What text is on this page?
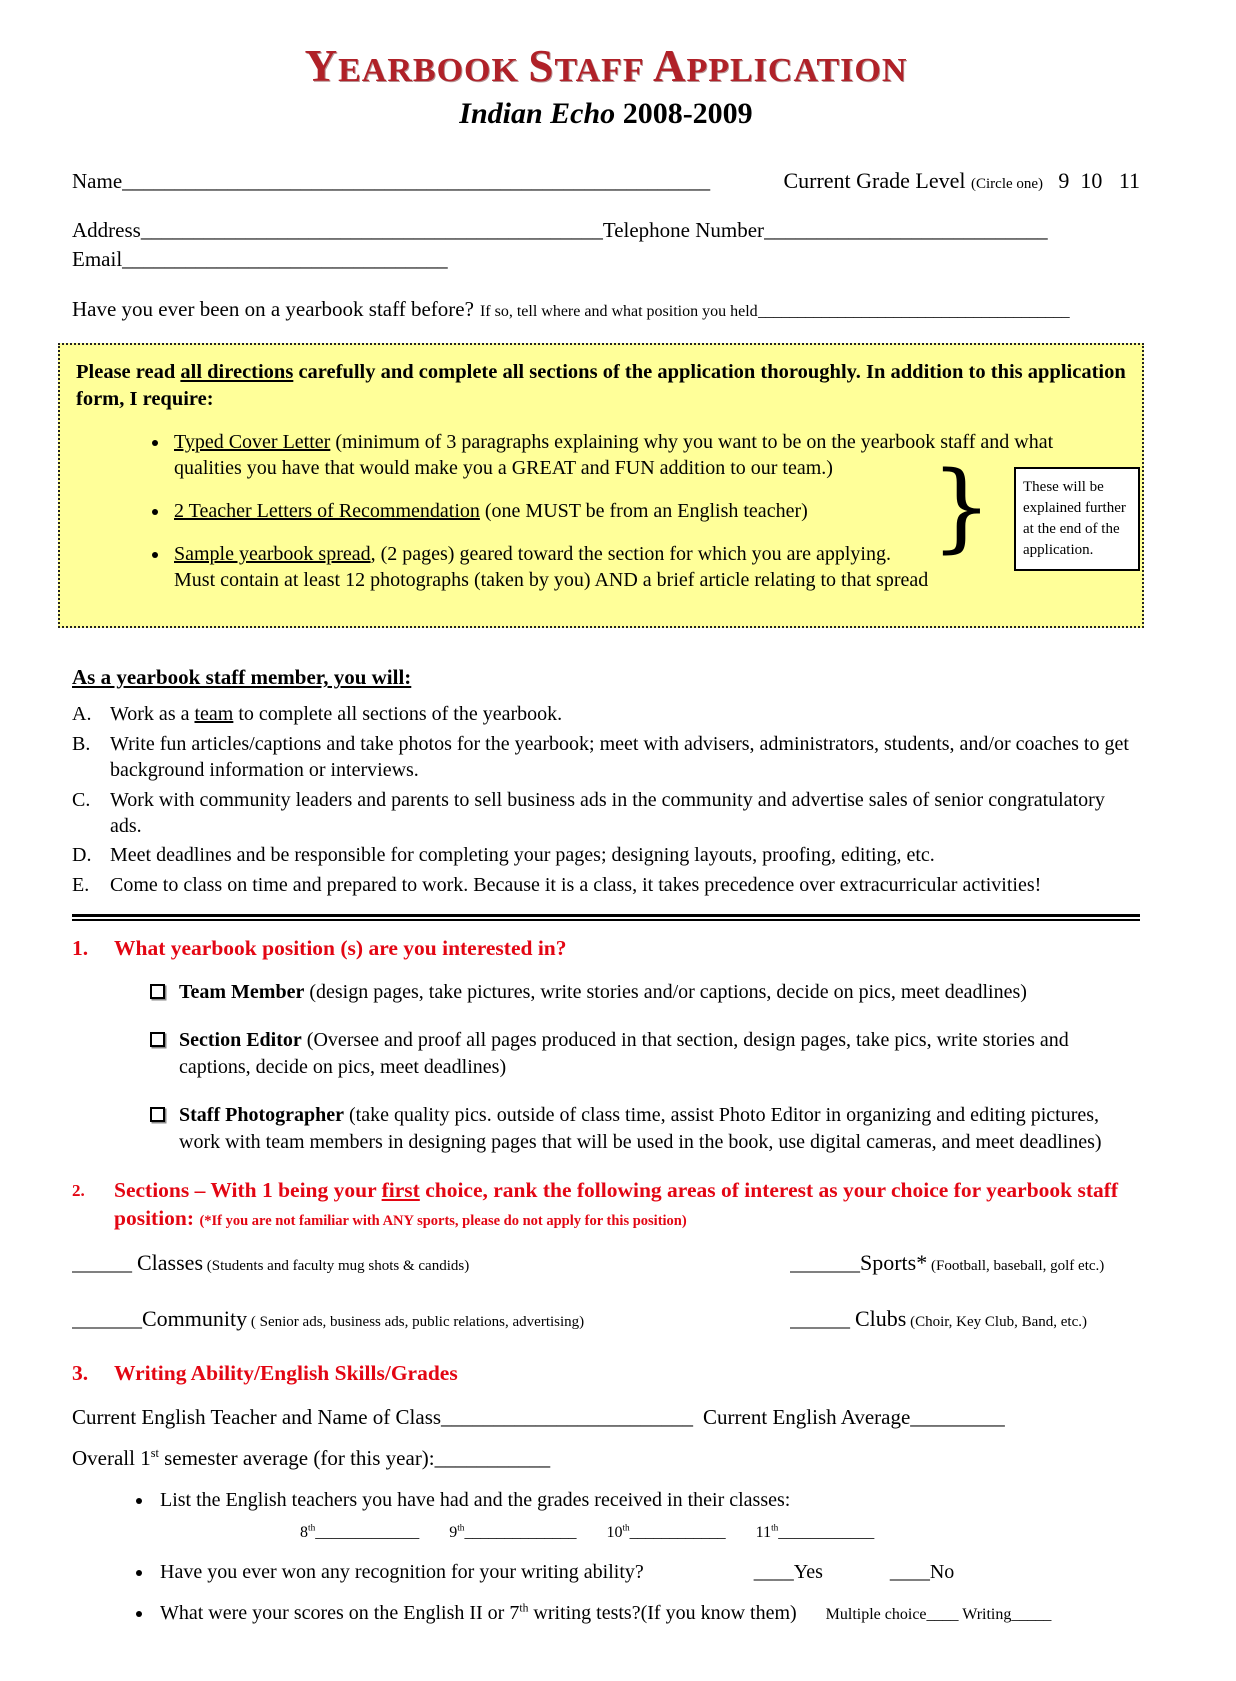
YEARBOOK STAFF APPLICATION
Indian Echo 2008-2009
Name ________________________________________________________	Current Grade Level (Circle one) 9  10   11
Address ____________________________________________ Telephone Number ___________________________
Email _______________________________
Have you ever been on a yearbook staff before? If so, tell where and what position you held _______________________________________

Please read all directions carefully and complete all sections of the application thoroughly. In addition to this application form, I require:

• Typed Cover Letter (minimum of 3 paragraphs explaining why you want to be on the yearbook staff and what qualities you have that would make you a GREAT and FUN addition to our team.)
• 2 Teacher Letters of Recommendation (one MUST be from an English teacher)
• Sample yearbook spread, (2 pages) geared toward the section for which you are applying.
Must contain at least 12 photographs (taken by you) AND a brief article relating to that spread
}	These will be explained further at the end of the application.
As a yearbook staff member, you will:
A. Work as a team to complete all sections of the yearbook.
B. Write fun articles/captions and take photos for the yearbook; meet with advisers, administrators, students, and/or coaches to get background information or interviews.
C. Work with community leaders and parents to sell business ads in the community and advertise sales of senior congratulatory ads.
D. Meet deadlines and be responsible for completing your pages; designing layouts, proofing, editing, etc.
E.	Come to class on time and prepared to work. Because it is a class, it takes precedence over extracurricular activities!
1.	What yearbook position (s) are you interested in?
Team Member (design pages, take pictures, write stories and/or captions, decide on pics, meet deadlines)
Section Editor (Oversee and proof all pages produced in that section, design pages, take pics, write stories and captions, decide on pics, meet deadlines)
Staff Photographer (take quality pics. outside of class time, assist Photo Editor in organizing and editing pictures, work with team members in designing pages that will be used in the book, use digital cameras, and meet deadlines)
2.	Sections – With 1 being your first choice, rank the following areas of interest as your choice for yearbook staff position: (*If you are not familiar with ANY sports, please do not apply for this position)
______ Classes (Students and faculty mug shots & candids)	_______Sports* (Football, baseball, golf etc.)
_______Community ( Senior ads, business ads, public relations, advertising)	______ Clubs (Choir, Key Club, Band, etc.)
3.	Writing Ability/English Skills/Grades
Current English Teacher and Name of Class ________________________ Current English Average _________
Overall 1st semester average (for this year): ___________
• List the English teachers you have had and the grades received in their classes:
8th_____________ 9th______________ 10th____________ 11th____________
• Have you ever won any recognition for your writing ability?	____Yes	____No
• What were your scores on the English II or 7th writing tests?(If you know them) Multiple choice____ Writing_____
